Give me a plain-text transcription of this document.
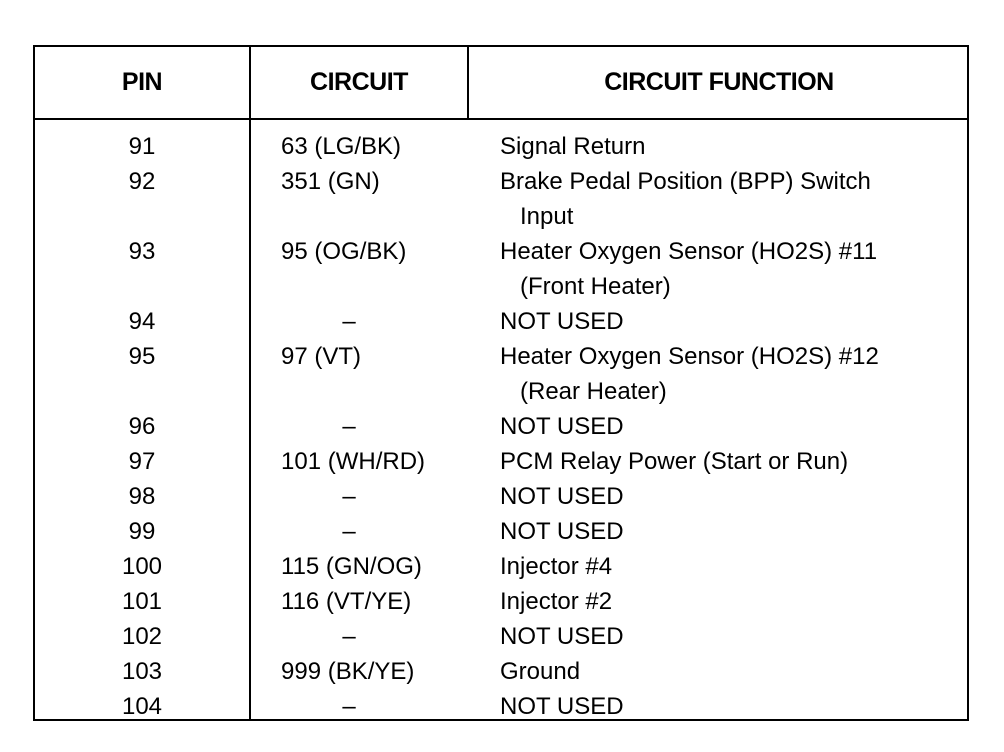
PIN	CIRCUIT	CIRCUIT FUNCTION
91	63 (LG/BK)	Signal Return
92	351 (GN)	Brake Pedal Position (BPP) Switch
Input
93	95 (OG/BK)	Heater Oxygen Sensor (HO2S) #11
(Front Heater)
94	–	NOT USED
95	97 (VT)	Heater Oxygen Sensor (HO2S) #12
(Rear Heater)
96	–	NOT USED
97	101 (WH/RD)	PCM Relay Power (Start or Run)
98	–	NOT USED
99	–	NOT USED
100	115 (GN/OG)	Injector #4
101	116 (VT/YE)	Injector #2
102	–	NOT USED
103	999 (BK/YE)	Ground
104	–	NOT USED
